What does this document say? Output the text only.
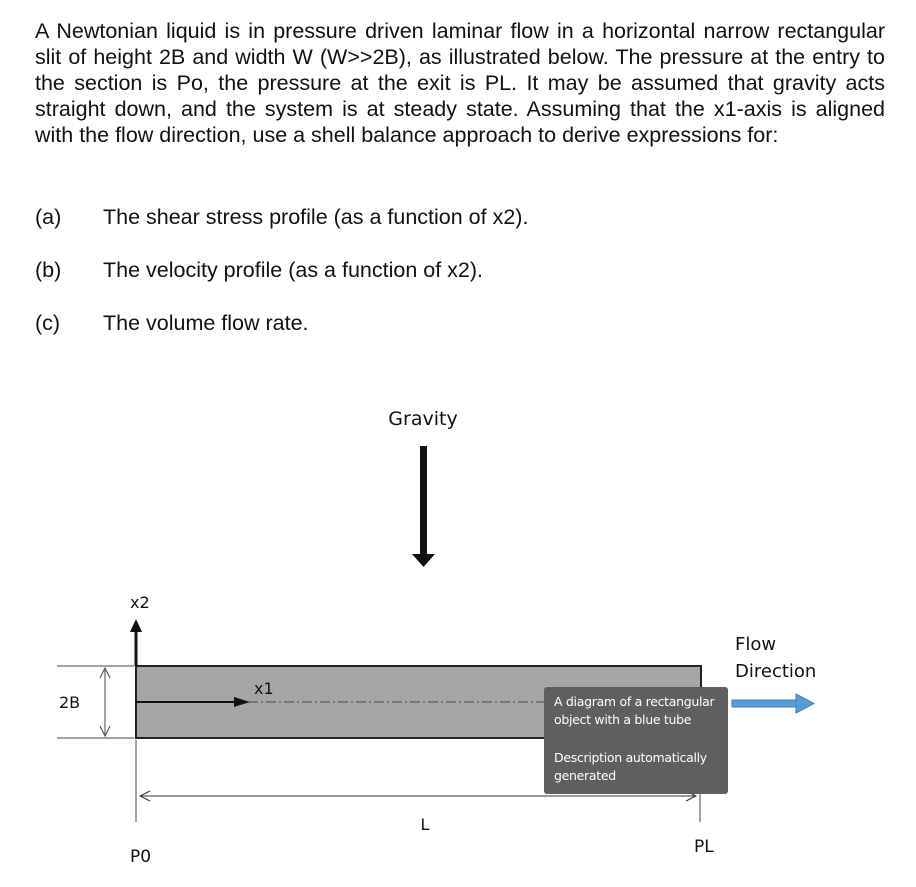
A Newtonian liquid is in pressure driven laminar flow in a horizontal narrow rectangular slit of height 2B and width W (W>>2B), as illustrated below. The pressure at the entry to the section is Po, the pressure at the exit is PL. It may be assumed that gravity acts straight down, and the system is at steady state. Assuming that the x1-axis is aligned with the flow direction, use a shell balance approach to derive expressions for:
(a) The shear stress profile (as a function of x2).
(b) The velocity profile (as a function of x2).
(c) The volume flow rate.
Gravity
x1
x2
2B
L
P0	PL
Flow
Direction
A diagram of a rectangular
object with a blue tube
Description automatically
generated
